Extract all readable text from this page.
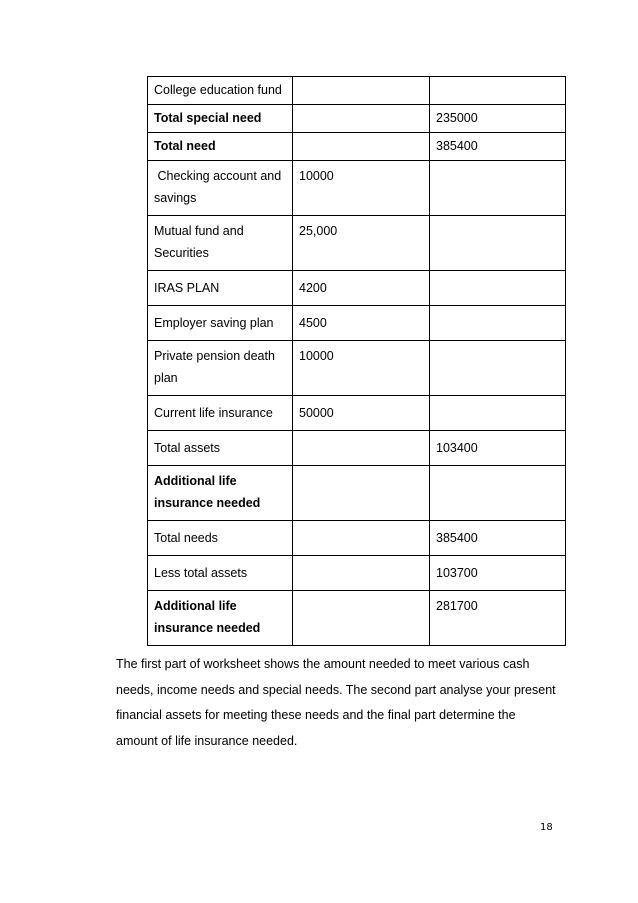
College education fund		
Total special need		235000
Total need		385400
Checking account and savings	10000	
Mutual fund and Securities	25,000	
IRAS PLAN	4200	
Employer saving plan	4500	
Private pension death plan	10000	
Current life insurance	50000	
Total assets		103400
Additional life insurance needed		
Total needs		385400
Less total assets		103700
Additional life insurance needed		281700

The first part of worksheet shows the amount needed to meet various cash needs, income needs and special needs. The second part analyse your present financial assets for meeting these needs and the final part determine the amount of life insurance needed.

18
